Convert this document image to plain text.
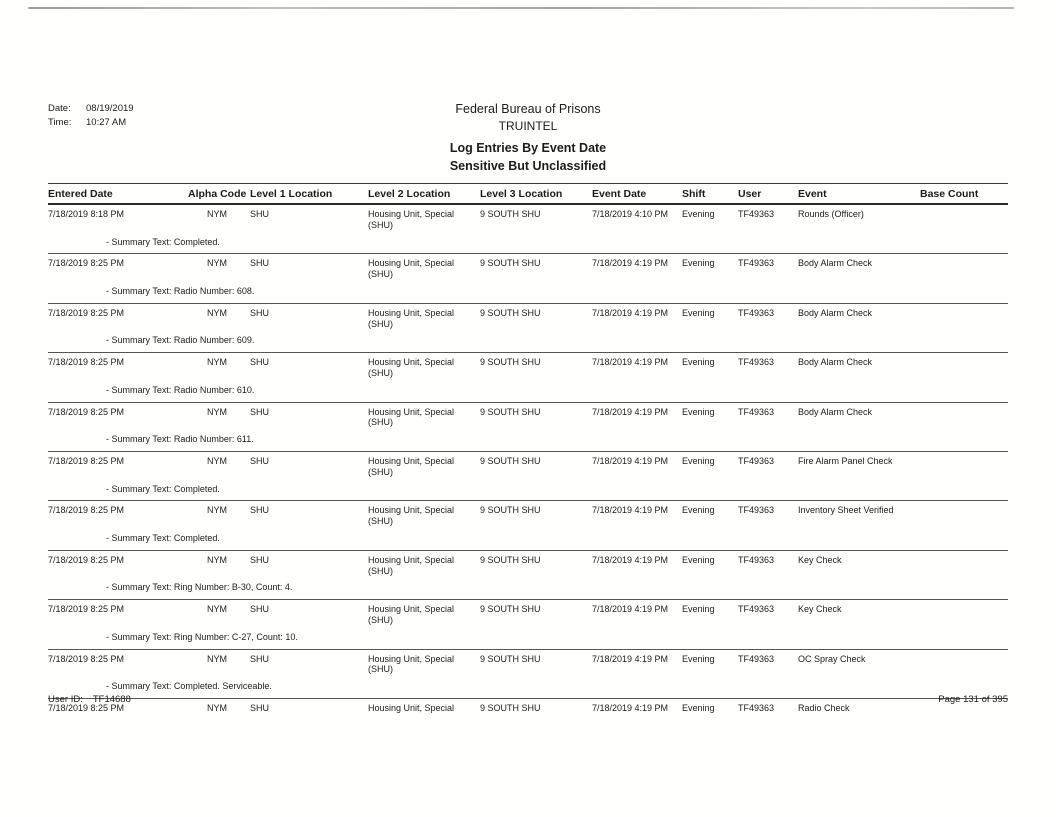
Date:	08/19/2019
Time:	10:27 AM
Federal Bureau of Prisons
TRUINTEL
Log Entries By Event Date
Sensitive But Unclassified
Entered Date	Alpha Code	Level 1 Location	Level 2 Location	Level 3 Location	Event Date	Shift	User	Event	Base Count
7/18/2019 8:18 PM	NYM	SHU	Housing Unit, Special (SHU)	9 SOUTH SHU	7/18/2019 4:10 PM	Evening	TF49363	Rounds (Officer)	
- Summary Text: Completed.									
7/18/2019 8:25 PM	NYM	SHU	Housing Unit, Special (SHU)	9 SOUTH SHU	7/18/2019 4:19 PM	Evening	TF49363	Body Alarm Check	
- Summary Text: Radio Number: 608.									
7/18/2019 8:25 PM	NYM	SHU	Housing Unit, Special (SHU)	9 SOUTH SHU	7/18/2019 4:19 PM	Evening	TF49363	Body Alarm Check	
- Summary Text: Radio Number: 609.									
7/18/2019 8:25 PM	NYM	SHU	Housing Unit, Special (SHU)	9 SOUTH SHU	7/18/2019 4:19 PM	Evening	TF49363	Body Alarm Check	
- Summary Text: Radio Number: 610.									
7/18/2019 8:25 PM	NYM	SHU	Housing Unit, Special (SHU)	9 SOUTH SHU	7/18/2019 4:19 PM	Evening	TF49363	Body Alarm Check	
- Summary Text: Radio Number: 611.									
7/18/2019 8:25 PM	NYM	SHU	Housing Unit, Special (SHU)	9 SOUTH SHU	7/18/2019 4:19 PM	Evening	TF49363	Fire Alarm Panel Check	
- Summary Text: Completed.									
7/18/2019 8:25 PM	NYM	SHU	Housing Unit, Special (SHU)	9 SOUTH SHU	7/18/2019 4:19 PM	Evening	TF49363	Inventory Sheet Verified	
- Summary Text: Completed.									
7/18/2019 8:25 PM	NYM	SHU	Housing Unit, Special (SHU)	9 SOUTH SHU	7/18/2019 4:19 PM	Evening	TF49363	Key Check	
- Summary Text: Ring Number: B-30, Count: 4.									
7/18/2019 8:25 PM	NYM	SHU	Housing Unit, Special (SHU)	9 SOUTH SHU	7/18/2019 4:19 PM	Evening	TF49363	Key Check	
- Summary Text: Ring Number: C-27, Count: 10.									
7/18/2019 8:25 PM	NYM	SHU	Housing Unit, Special (SHU)	9 SOUTH SHU	7/18/2019 4:19 PM	Evening	TF49363	OC Spray Check	
- Summary Text: Completed. Serviceable.									
7/18/2019 8:25 PM	NYM	SHU	Housing Unit, Special	9 SOUTH SHU	7/18/2019 4:19 PM	Evening	TF49363	Radio Check	
User ID: TF14688	Page 131 of 395
